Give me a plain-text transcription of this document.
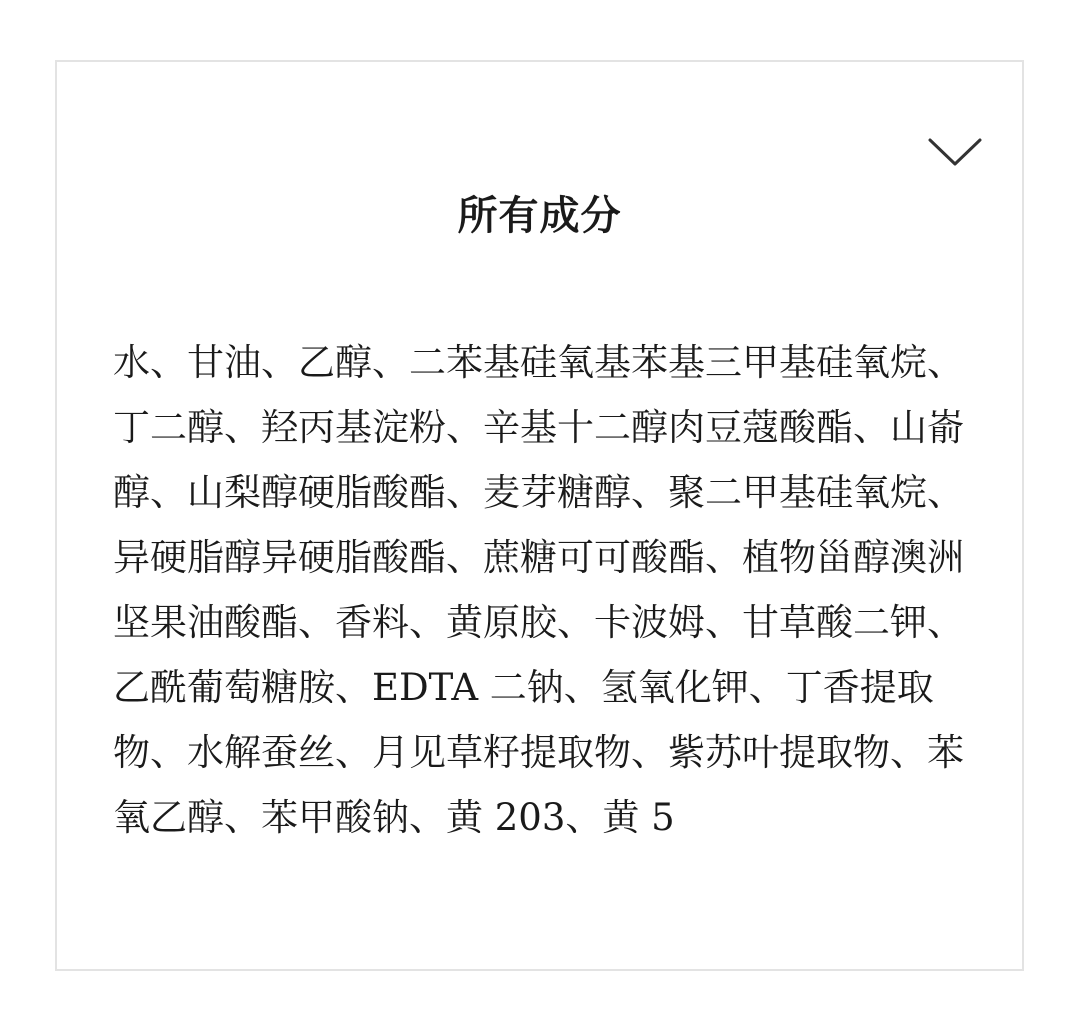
所有成分

水、甘油、乙醇、二苯基硅氧基苯基三甲基硅氧烷、丁二醇、羟丙基淀粉、辛基十二醇肉豆蔻酸酯、山嵛醇、山梨醇硬脂酸酯、麦芽糖醇、聚二甲基硅氧烷、异硬脂醇异硬脂酸酯、蔗糖可可酸酯、植物甾醇澳洲坚果油酸酯、香料、黄原胶、卡波姆、甘草酸二钾、乙酰葡萄糖胺、EDTA 二钠、氢氧化钾、丁香提取物、水解蚕丝、月见草籽提取物、紫苏叶提取物、苯氧乙醇、苯甲酸钠、黄 203、黄 5
